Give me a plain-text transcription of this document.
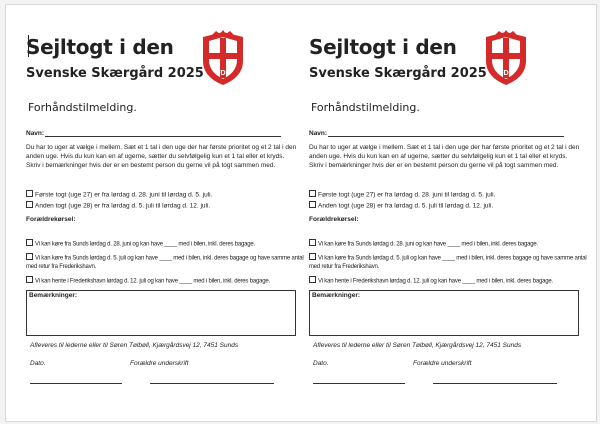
Sejltogt i den
Svenske Skærgård 2025 FDF
Forhåndstilmelding.
Navn:
Du har to uger at vælge i mellem. Sæt et 1 tal i den uge der har første prioritet og et 2 tal i den anden uge. Hvis du kun kan en af ugerne, sætter du selvfølgelig kun et 1 tal eller et kryds.
Skriv i bemærkninger hvis der er en bestemt person du gerne vil på togt sammen med.
Første togt (uge 27) er fra lørdag d. 28. juni til lørdag d. 5. juli.
Anden togt (uge 28) er fra lørdag d. 5. juli til lørdag d. 12. juli.
Forældrekørsel:
Vi kan køre fra Sunds lørdag d. 28. juni og kan have ____ med i bilen, inkl. deres bagage.
Vi kan køre fra Sunds lørdag d. 5. juli og kan have ____ med i bilen, inkl. deres bagage og have samme antal med retur fra Frederikshavn.
Vi kan hente i Frederikshavn lørdag d. 12. juli og kan have ____ med i bilen, inkl. deres bagage.
Bemærkninger:
Afleveres til lederne eller til Søren Tølbøll, Kjærgårdsvej 12, 7451 Sunds
Dato.	Forældre underskrift
Sejltogt i den
Svenske Skærgård 2025 FDF
Forhåndstilmelding.
Navn:
Du har to uger at vælge i mellem. Sæt et 1 tal i den uge der har første prioritet og et 2 tal i den anden uge. Hvis du kun kan en af ugerne, sætter du selvfølgelig kun et 1 tal eller et kryds.
Skriv i bemærkninger hvis der er en bestemt person du gerne vil på togt sammen med.
Første togt (uge 27) er fra lørdag d. 28. juni til lørdag d. 5. juli.
Anden togt (uge 28) er fra lørdag d. 5. juli til lørdag d. 12. juli.
Forældrekørsel:
Vi kan køre fra Sunds lørdag d. 28. juni og kan have ____ med i bilen, inkl. deres bagage.
Vi kan køre fra Sunds lørdag d. 5. juli og kan have ____ med i bilen, inkl. deres bagage og have samme antal med retur fra Frederikshavn.
Vi kan hente i Frederikshavn lørdag d. 12. juli og kan have ____ med i bilen, inkl. deres bagage.
Bemærkninger:
Afleveres til lederne eller til Søren Tølbøll, Kjærgårdsvej 12, 7451 Sunds
Dato.	Forældre underskrift
